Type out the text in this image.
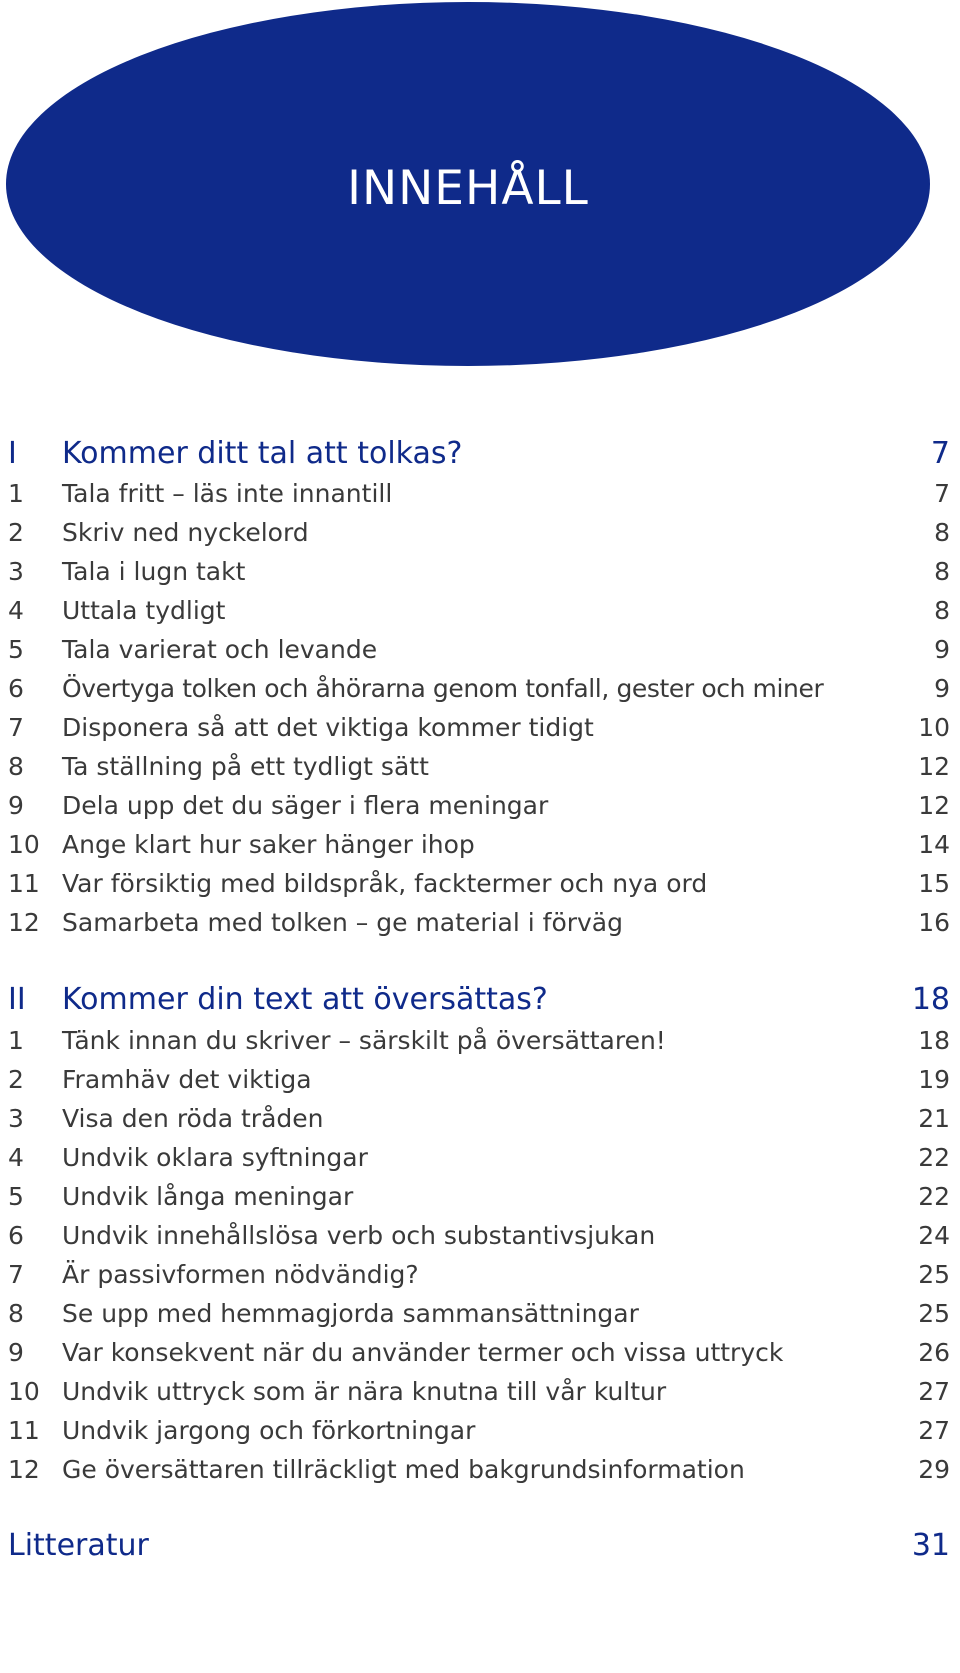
INNEHÅLL
I	Kommer ditt tal att tolkas?	7
1	Tala fritt – läs inte innantill	7
2	Skriv ned nyckelord	8
3	Tala i lugn takt	8
4	Uttala tydligt	8
5	Tala varierat och levande	9
6	Övertyga tolken och åhörarna genom tonfall, gester och miner	9
7	Disponera så att det viktiga kommer tidigt	10
8	Ta ställning på ett tydligt sätt	12
9	Dela upp det du säger i flera meningar	12
10 Ange klart hur saker hänger ihop	14
11 Var försiktig med bildspråk, facktermer och nya ord	15
12 Samarbeta med tolken – ge material i förväg	16
II	Kommer din text att översättas?	18
1	Tänk innan du skriver – särskilt på översättaren!	18
2	Framhäv det viktiga	19
3	Visa den röda tråden	21
4	Undvik oklara syftningar	22
5	Undvik långa meningar	22
6	Undvik innehållslösa verb och substantivsjukan	24
7	Är passivformen nödvändig?	25
8	Se upp med hemmagjorda sammansättningar	25
9	Var konsekvent när du använder termer och vissa uttryck	26
10 Undvik uttryck som är nära knutna till vår kultur	27
11 Undvik jargong och förkortningar	27
12 Ge översättaren tillräckligt med bakgrundsinformation	29
Litteratur	31
